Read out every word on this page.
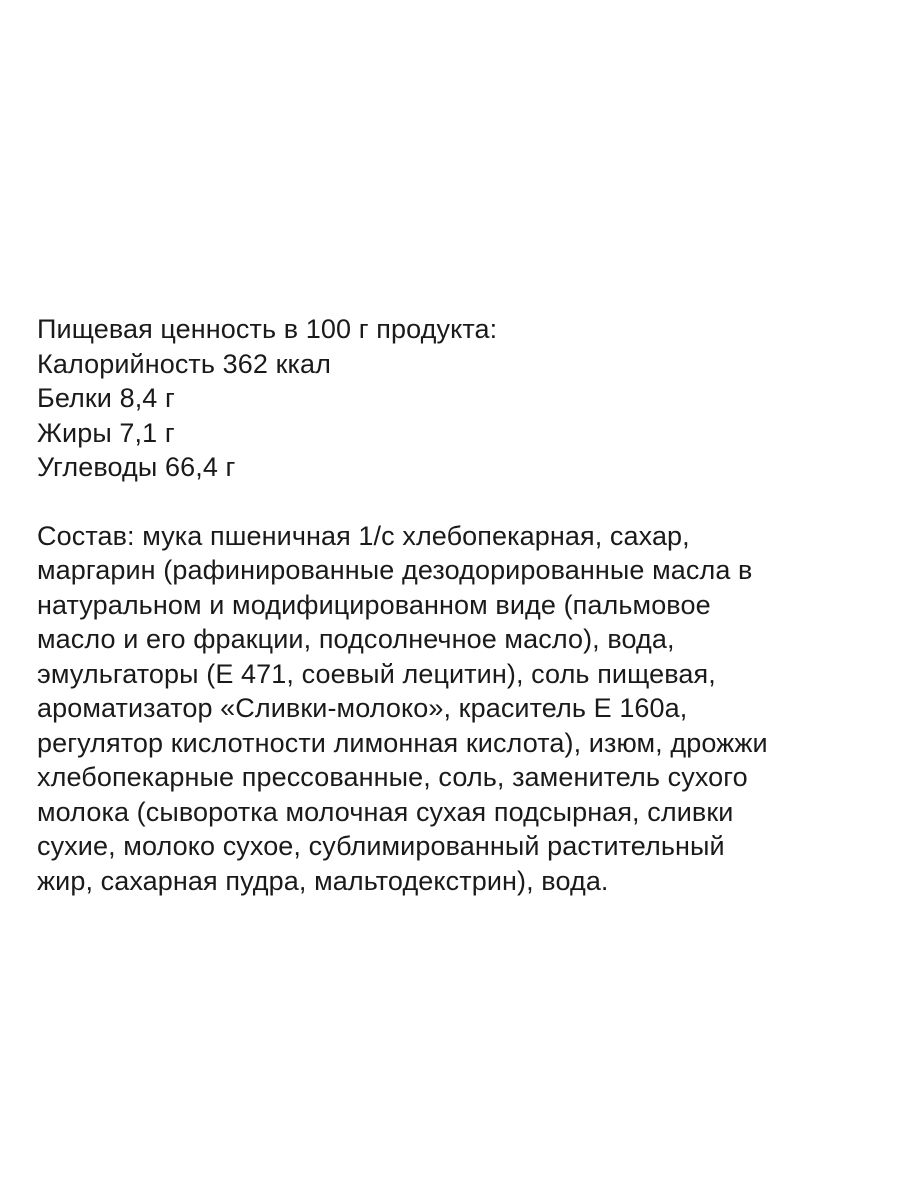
Пищевая ценность в 100 г продукта:
Калорийность 362 ккал
Белки 8,4 г
Жиры 7,1 г
Углеводы 66,4 г
Состав: мука пшеничная 1/с хлебопекарная, сахар,
маргарин (рафинированные дезодорированные масла в
натуральном и модифицированном виде (пальмовое
масло и его фракции, подсолнечное масло), вода,
эмульгаторы (Е 471, соевый лецитин), соль пищевая,
ароматизатор «Сливки-молоко», краситель Е 160а,
регулятор кислотности лимонная кислота), изюм, дрожжи
хлебопекарные прессованные, соль, заменитель сухого
молока (сыворотка молочная сухая подсырная, сливки
сухие, молоко сухое, сублимированный растительный
жир, сахарная пудра, мальтодекстрин), вода.
